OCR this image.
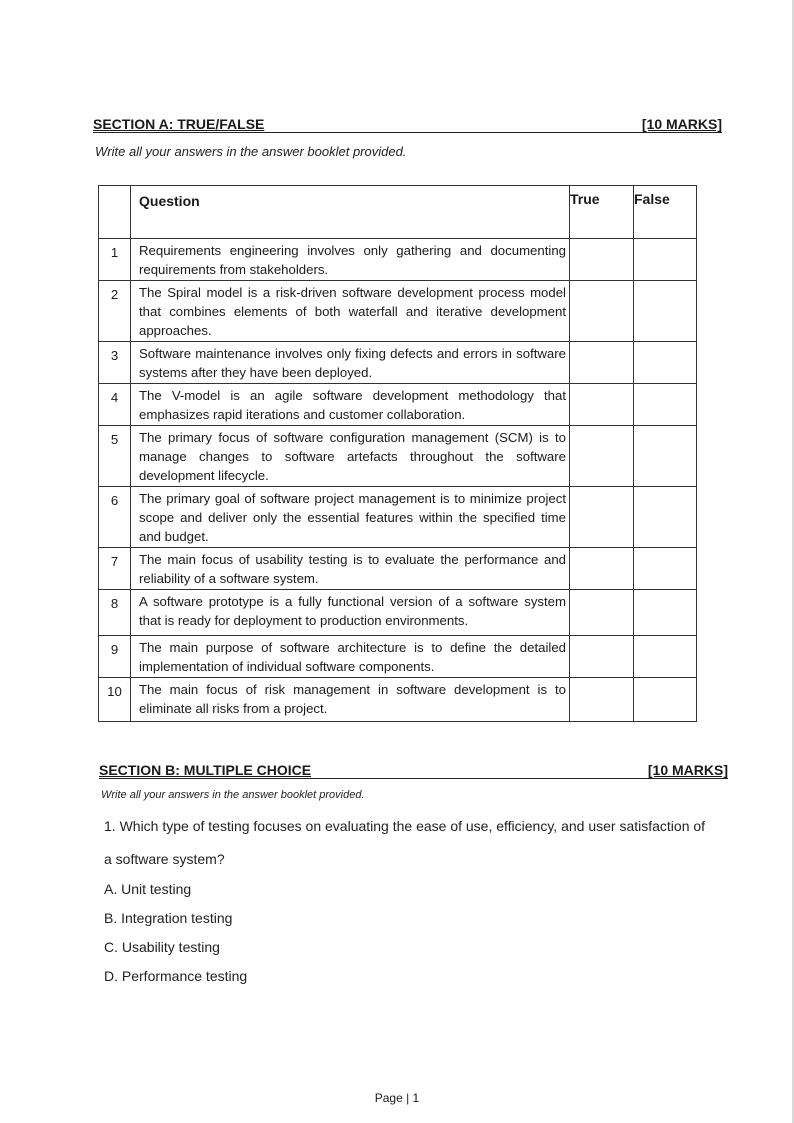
SECTION A: TRUE/FALSE	[10 MARKS]
Write all your answers in the answer booklet provided.
	Question	True	False
1	Requirements engineering involves only gathering and documenting requirements from stakeholders.		
2	The Spiral model is a risk-driven software development process model that combines elements of both waterfall and iterative development approaches.		
3	Software maintenance involves only fixing defects and errors in software systems after they have been deployed.		
4	The V-model is an agile software development methodology that emphasizes rapid iterations and customer collaboration.		
5	The primary focus of software configuration management (SCM) is to manage changes to software artefacts throughout the software development lifecycle.		
6	The primary goal of software project management is to minimize project scope and deliver only the essential features within the specified time and budget.		
7	The main focus of usability testing is to evaluate the performance and reliability of a software system.		
8	A software prototype is a fully functional version of a software system that is ready for deployment to production environments.		
9	The main purpose of software architecture is to define the detailed implementation of individual software components.		
10	The main focus of risk management in software development is to eliminate all risks from a project.		
SECTION B: MULTIPLE CHOICE	[10 MARKS]
Write all your answers in the answer booklet provided.
1. Which type of testing focuses on evaluating the ease of use, efficiency, and user satisfaction of
a software system?
A. Unit testing
B. Integration testing
C. Usability testing
D. Performance testing
Page | 1
